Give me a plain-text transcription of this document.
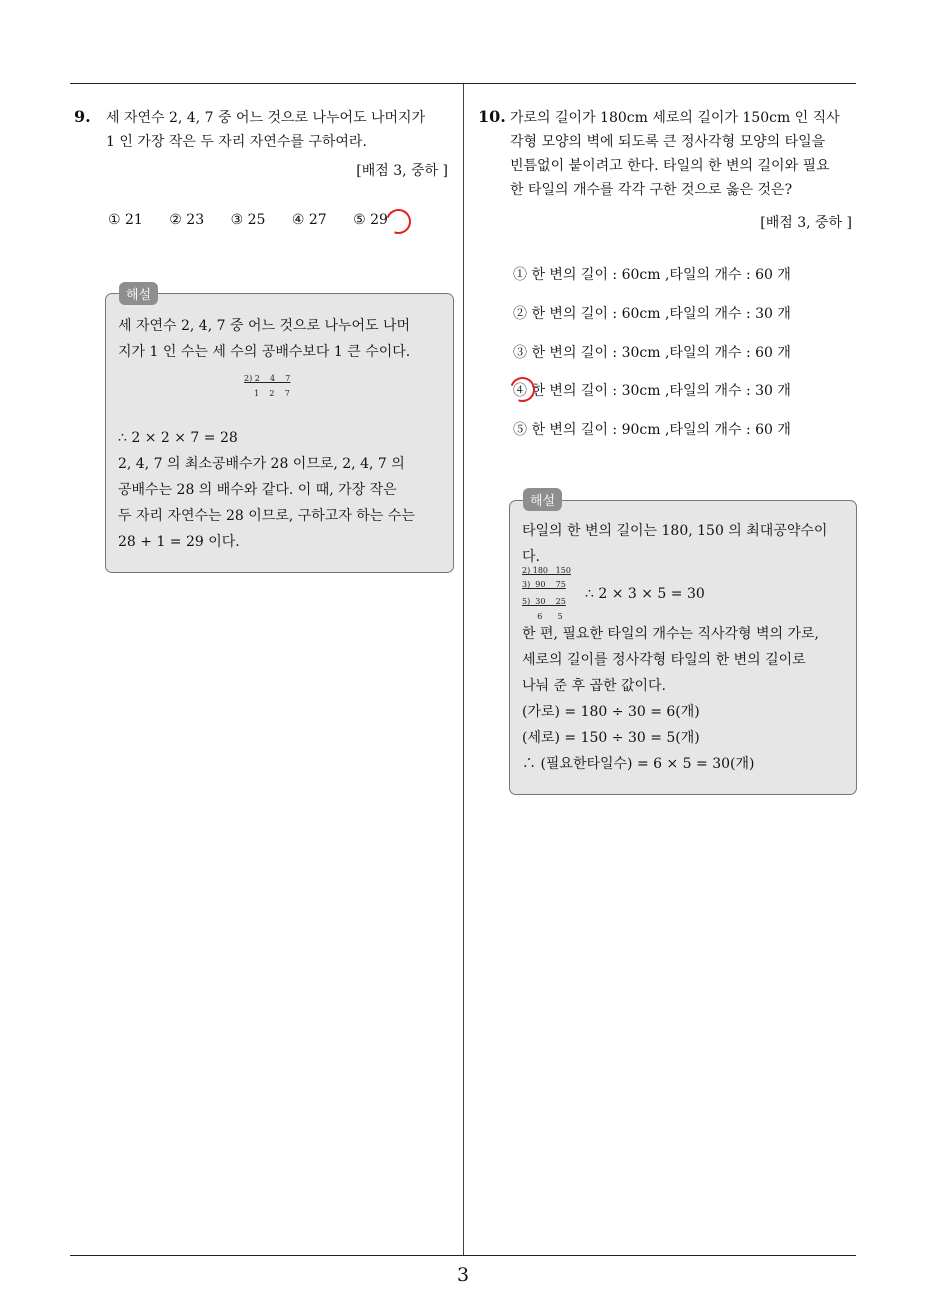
3
9. 세 자연수 2, 4, 7 중 어느 것으로 나누어도 나머지가
1 인 가장 작은 두 자리 자연수를 구하여라.
[배점 3, 중하 ]
① 21 ② 23 ③ 25 ④ 27 ⑤ 29
해설
세 자연수 2, 4, 7 중 어느 것으로 나누어도 나머
지가 1 인 수는 세 수의 공배수보다 1 큰 수이다.
2) 2    4    7
1    2    7
∴ 2 × 2 × 7 = 28
2, 4, 7 의 최소공배수가 28 이므로, 2, 4, 7 의
공배수는 28 의 배수와 같다. 이 때, 가장 작은
두 자리 자연수는 28 이므로, 구하고자 하는 수는
28 + 1 = 29 이다.
10. 가로의 길이가 180cm 세로의 길이가 150cm 인 직사
각형 모양의 벽에 되도록 큰 정사각형 모양의 타일을
빈틈없이 붙이려고 한다. 타일의 한 변의 길이와 필요
한 타일의 개수를 각각 구한 것으로 옳은 것은?
[배점 3, 중하 ]
① 한 변의 길이 : 60cm ,타일의 개수 : 60 개
② 한 변의 길이 : 60cm ,타일의 개수 : 30 개
③ 한 변의 길이 : 30cm ,타일의 개수 : 60 개
④ 한 변의 길이 : 30cm ,타일의 개수 : 30 개
⑤ 한 변의 길이 : 90cm ,타일의 개수 : 60 개
해설
타일의 한 변의 길이는 180, 150 의 최대공약수이
다.
2) 180   150
3)  90    75
5)  30    25
6      5
∴ 2 × 3 × 5 = 30
한 편, 필요한 타일의 개수는 직사각형 벽의 가로,
세로의 길이를 정사각형 타일의 한 변의 길이로
나눠 준 후 곱한 값이다.
(가로) = 180 ÷ 30 = 6(개)
(세로) = 150 ÷ 30 = 5(개)
∴ (필요한타일수) = 6 × 5 = 30(개)
